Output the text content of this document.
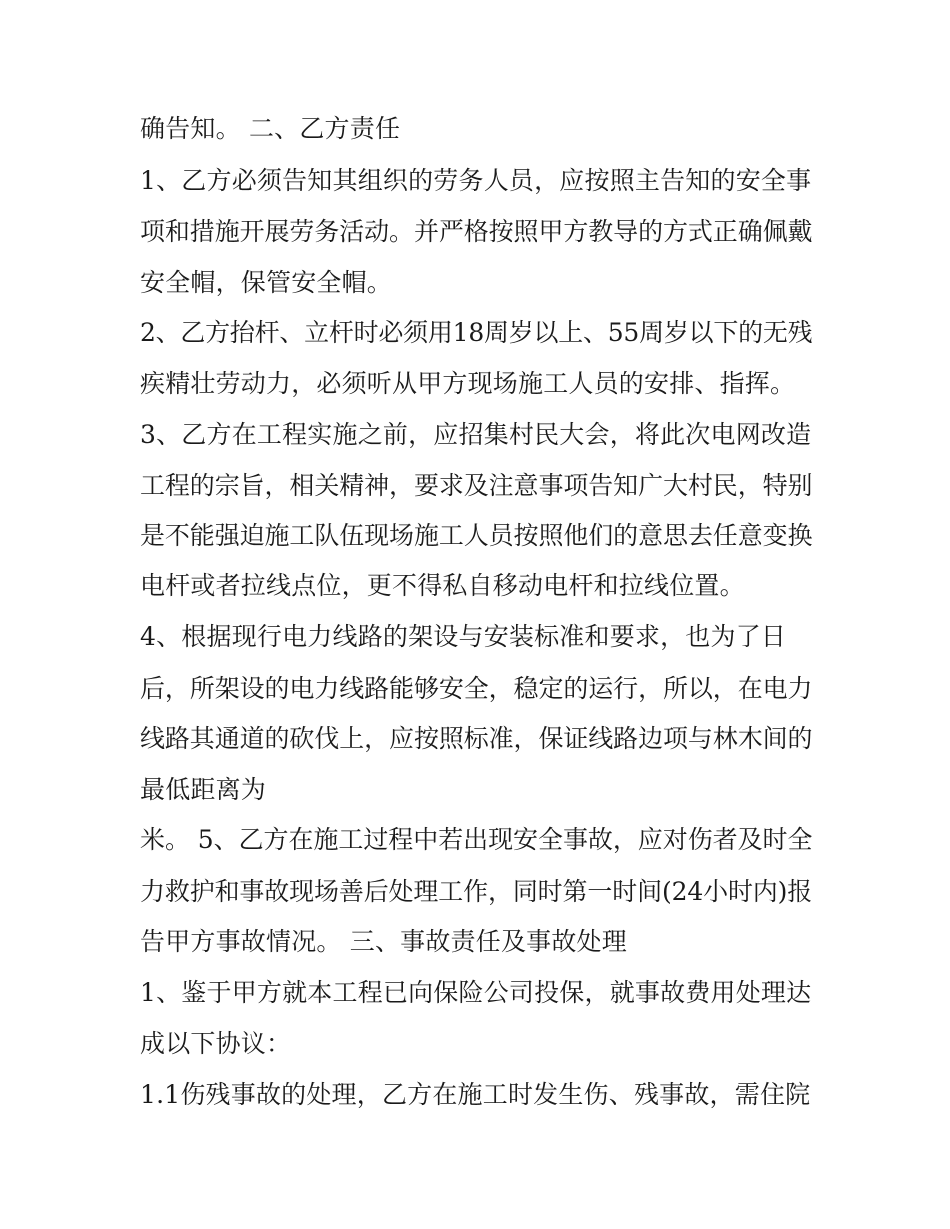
确告知。 二、乙方责任
1、乙方必须告知其组织的劳务人员，应按照主告知的安全事
项和措施开展劳务活动。并严格按照甲方教导的方式正确佩戴
安全帽，保管安全帽。
2、乙方抬杆、立杆时必须用18周岁以上、55周岁以下的无残
疾精壮劳动力，必须听从甲方现场施工人员的安排、指挥。
3、乙方在工程实施之前，应招集村民大会，将此次电网改造
工程的宗旨，相关精神，要求及注意事项告知广大村民，特别
是不能强迫施工队伍现场施工人员按照他们的意思去任意变换
电杆或者拉线点位，更不得私自移动电杆和拉线位置。
4、根据现行电力线路的架设与安装标准和要求，也为了日
后，所架设的电力线路能够安全，稳定的运行，所以，在电力
线路其通道的砍伐上，应按照标准，保证线路边项与林木间的
最低距离为
米。 5、乙方在施工过程中若出现安全事故，应对伤者及时全
力救护和事故现场善后处理工作，同时第一时间(24小时内)报
告甲方事故情况。 三、事故责任及事故处理
1、鉴于甲方就本工程已向保险公司投保，就事故费用处理达
成以下协议：
1.1伤残事故的处理，乙方在施工时发生伤、残事故，需住院
